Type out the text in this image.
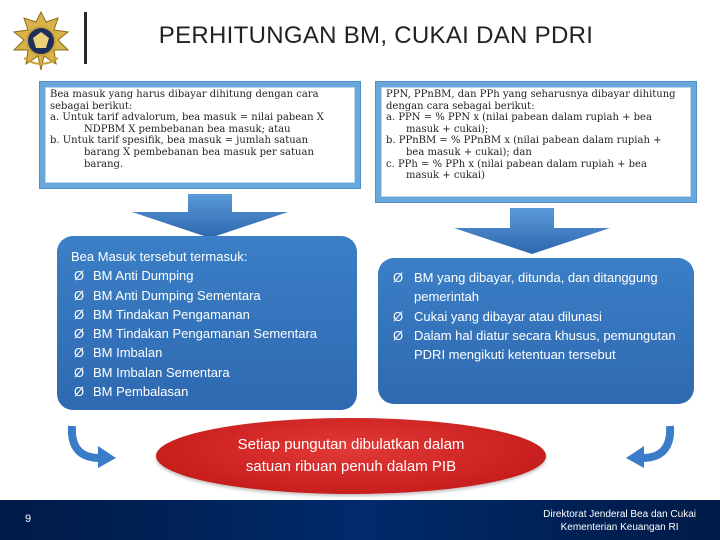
PERHITUNGAN BM, CUKAI DAN PDRI

Bea masuk yang harus dibayar dihitung dengan cara

sebagai berikut:

a. Untuk tarif advalorum, bea masuk = nilai pabean X

NDPBM X pembebanan bea masuk; atau

b. Untuk tarif spesifik, bea masuk = jumlah satuan

barang X pembebanan bea masuk per satuan

barang.

PPN, PPnBM, dan PPh yang seharusnya dibayar dihitung

dengan cara sebagai berikut:

a. PPN = % PPN x (nilai pabean dalam rupiah + bea

masuk + cukai);

b. PPnBM = % PPnBM x (nilai pabean dalam rupiah +

bea masuk + cukai); dan

c. PPh = % PPh x (nilai pabean dalam rupiah + bea

masuk + cukai)

Bea Masuk tersebut termasuk:
Ø BM Anti Dumping
Ø BM Anti Dumping Sementara
Ø BM Tindakan Pengamanan
Ø BM Tindakan Pengamanan Sementara
Ø BM Imbalan
Ø BM Imbalan Sementara
Ø BM Pembalasan
Ø BM yang dibayar, ditunda, dan ditanggung pemerintah
Ø Cukai yang dibayar atau dilunasi
Ø Dalam hal diatur secara khusus, pemungutan PDRI mengikuti ketentuan tersebut
Setiap pungutan dibulatkan dalam
satuan ribuan penuh dalam PIB
9	Direktorat Jenderal Bea dan Cukai
Kementerian Keuangan RI
